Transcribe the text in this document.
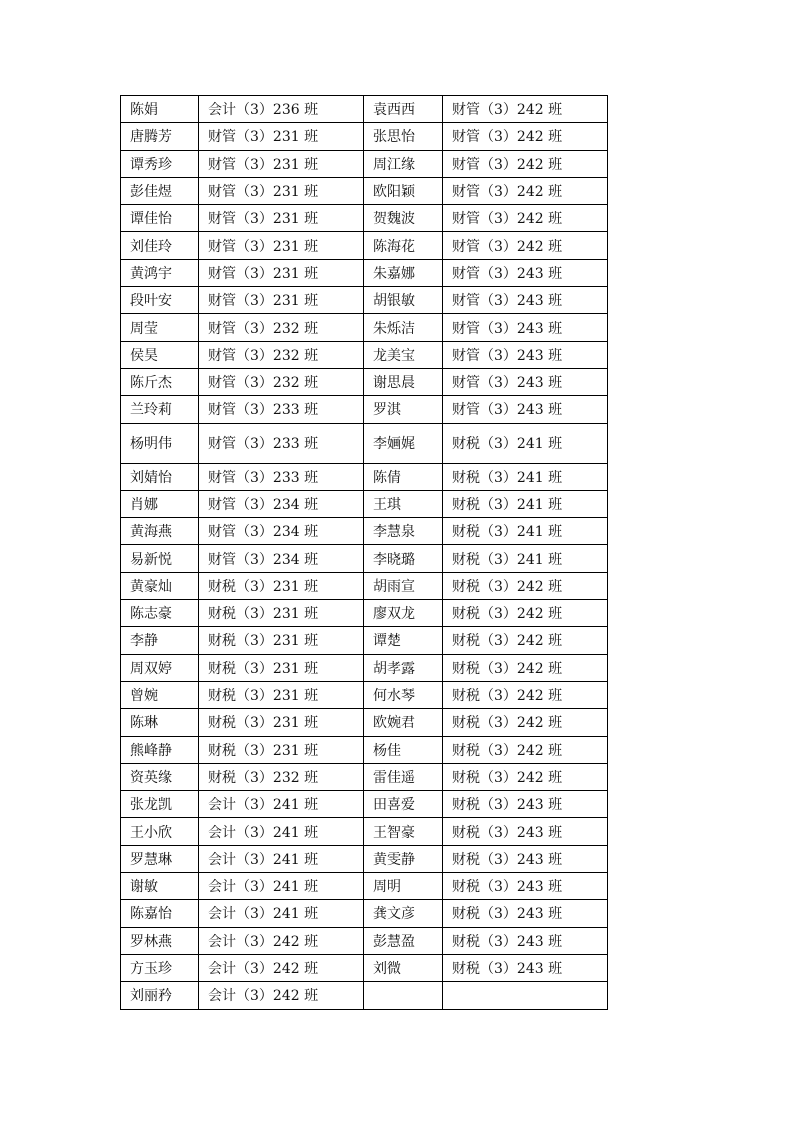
陈娟	会计（3）236 班	袁西西	财管（3）242 班
唐腾芳	财管（3）231 班	张思怡	财管（3）242 班
谭秀珍	财管（3）231 班	周江缘	财管（3）242 班
彭佳煜	财管（3）231 班	欧阳颖	财管（3）242 班
谭佳怡	财管（3）231 班	贺魏波	财管（3）242 班
刘佳玲	财管（3）231 班	陈海花	财管（3）242 班
黄鸿宇	财管（3）231 班	朱嘉娜	财管（3）243 班
段叶安	财管（3）231 班	胡银敏	财管（3）243 班
周莹	财管（3）232 班	朱烁洁	财管（3）243 班
侯昊	财管（3）232 班	龙美宝	财管（3）243 班
陈斤杰	财管（3）232 班	谢思晨	财管（3）243 班
兰玲莉	财管（3）233 班	罗淇	财管（3）243 班
杨明伟	财管（3）233 班	李婳娓	财税（3）241 班
刘婧怡	财管（3）233 班	陈倩	财税（3）241 班
肖娜	财管（3）234 班	王琪	财税（3）241 班
黄海燕	财管（3）234 班	李慧泉	财税（3）241 班
易新悦	财管（3）234 班	李晓璐	财税（3）241 班
黄豪灿	财税（3）231 班	胡雨宣	财税（3）242 班
陈志豪	财税（3）231 班	廖双龙	财税（3）242 班
李静	财税（3）231 班	谭楚	财税（3）242 班
周双婷	财税（3）231 班	胡孝露	财税（3）242 班
曾婉	财税（3）231 班	何水琴	财税（3）242 班
陈琳	财税（3）231 班	欧婉君	财税（3）242 班
熊峰静	财税（3）231 班	杨佳	财税（3）242 班
资英缘	财税（3）232 班	雷佳遥	财税（3）242 班
张龙凯	会计（3）241 班	田喜爱	财税（3）243 班
王小欣	会计（3）241 班	王智豪	财税（3）243 班
罗慧琳	会计（3）241 班	黄雯静	财税（3）243 班
谢敏	会计（3）241 班	周明	财税（3）243 班
陈嘉怡	会计（3）241 班	龚文彦	财税（3）243 班
罗林燕	会计（3）242 班	彭慧盈	财税（3）243 班
方玉珍	会计（3）242 班	刘微	财税（3）243 班
刘丽矜	会计（3）242 班		
